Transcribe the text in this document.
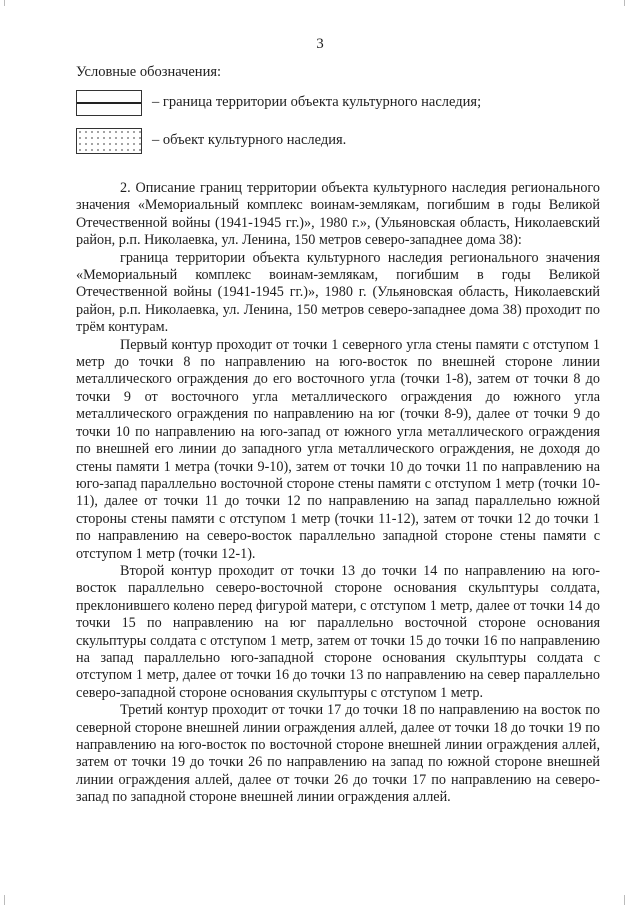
3
Условные обозначения:
– граница территории объекта культурного наследия;
– объект культурного наследия.

2. Описание границ территории объекта культурного наследия регионального значения «Мемориальный комплекс воинам-землякам, погибшим в годы Великой Отечественной войны (1941-1945 гг.)», 1980 г.», (Ульяновская область, Николаевский район, р.п. Николаевка, ул. Ленина, 150 метров северо-западнее дома 38):

граница территории объекта культурного наследия регионального значения «Мемориальный комплекс воинам-землякам, погибшим в годы Великой Отечественной войны (1941-1945 гг.)», 1980 г. (Ульяновская область, Николаевский район, р.п. Николаевка, ул. Ленина, 150 метров северо-западнее дома 38) проходит по трём контурам.

Первый контур проходит от точки 1 северного угла стены памяти с отступом 1 метр до точки 8 по направлению на юго-восток по внешней стороне линии металлического ограждения до его восточного угла (точки 1-8), затем от точки 8 до точки 9 от восточного угла металлического ограждения до южного угла металлического ограждения по направлению на юг (точки 8-9), далее от точки 9 до точки 10 по направлению на юго-запад от южного угла металлического ограждения по внешней его линии до западного угла металлического ограждения, не доходя до стены памяти 1 метра (точки 9-10), затем от точки 10 до точки 11 по направлению на юго-запад параллельно восточной стороне стены памяти с отступом 1 метр (точки 10-11), далее от точки 11 до точки 12 по направлению на запад параллельно южной стороны стены памяти с отступом 1 метр (точки 11-12), затем от точки 12 до точки 1 по направлению на северо-восток параллельно западной стороне стены памяти с отступом 1 метр (точки 12-1).

Второй контур проходит от точки 13 до точки 14 по направлению на юго-восток параллельно северо-восточной стороне основания скульптуры солдата, преклонившего колено перед фигурой матери, с отступом 1 метр, далее от точки 14 до точки 15 по направлению на юг параллельно восточной стороне основания скульптуры солдата с отступом 1 метр, затем от точки 15 до точки 16 по направлению на запад параллельно юго-западной стороне основания скульптуры солдата с отступом 1 метр, далее от точки 16 до точки 13 по направлению на север параллельно северо-западной стороне основания скульптуры с отступом 1 метр.

Третий контур проходит от точки 17 до точки 18 по направлению на восток по северной стороне внешней линии ограждения аллей, далее от точки 18 до точки 19 по направлению на юго-восток по восточной стороне внешней линии ограждения аллей, затем от точки 19 до точки 26 по направлению на запад по южной стороне внешней линии ограждения аллей, далее от точки 26 до точки 17 по направлению на северо-запад по западной стороне внешней линии ограждения аллей.
